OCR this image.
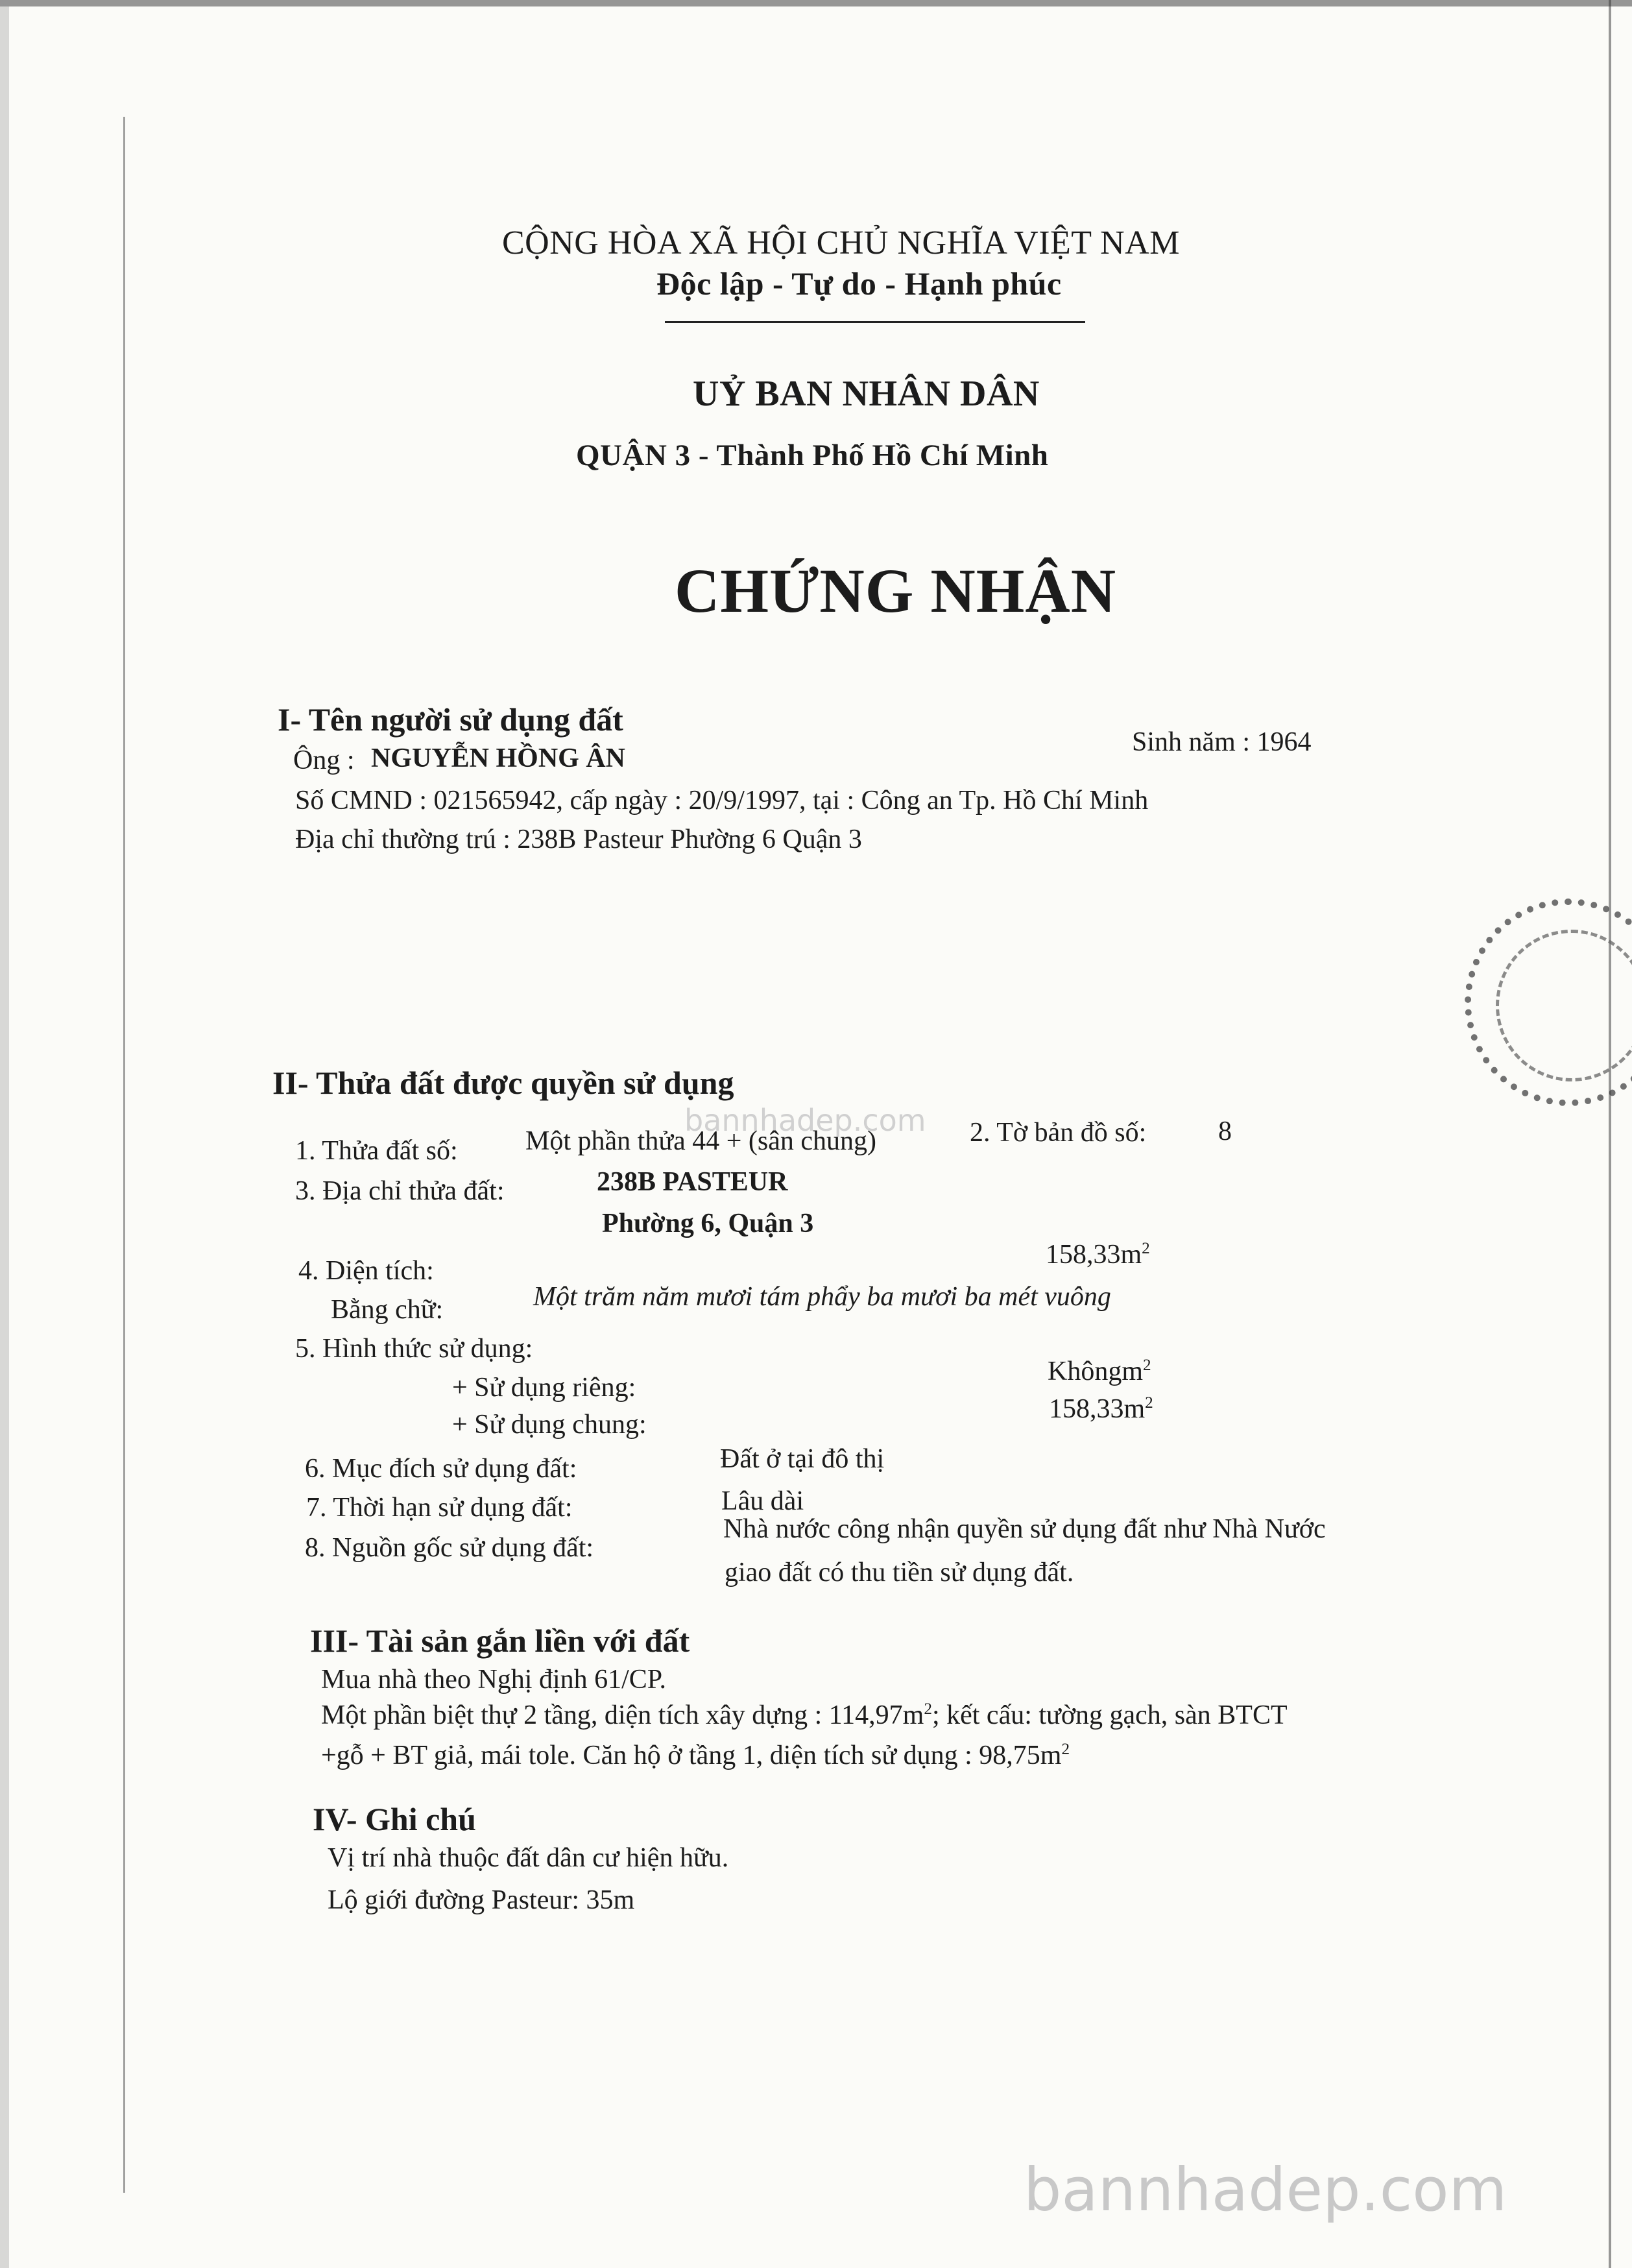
CỘNG HÒA XÃ HỘI CHỦ NGHĨA VIỆT NAM
Độc lập - Tự do - Hạnh phúc
UỶ BAN NHÂN DÂN
QUẬN 3 - Thành Phố Hồ Chí Minh
CHỨNG NHẬN
I- Tên người sử dụng đất
Ông : NGUYỄN HỒNG ÂN
Sinh năm : 1964
Số CMND : 021565942, cấp ngày : 20/9/1997, tại : Công an Tp. Hồ Chí Minh
Địa chỉ thường trú : 238B Pasteur Phường 6 Quận 3
II- Thửa đất được quyền sử dụng
bannhadep.com
1. Thửa đất số: Một phần thửa 44 + (sân chung)	2. Tờ bản đồ số:	8
3. Địa chỉ thửa đất:	238B PASTEUR
Phường 6, Quận 3
4. Diện tích:
$158,33m^2$
Bằng chữ:	Một trăm năm mươi tám phẩy ba mươi ba mét vuông
5. Hình thức sử dụng:
+ Sử dụng riêng:
Khôngm$^2$
+ Sử dụng chung:
$158,33m^2$
6. Mục đích sử dụng đất:	Đất ở tại đô thị
7. Thời hạn sử dụng đất:	Lâu dài
8. Nguồn gốc sử dụng đất:
Nhà nước công nhận quyền sử dụng đất như Nhà Nước
giao đất có thu tiền sử dụng đất.
III- Tài sản gắn liền với đất
Mua nhà theo Nghị định 61/CP.
Một phần biệt thự 2 tầng, diện tích xây dựng : $114,97m^2$; kết cấu: tường gạch, sàn BTCT
+gỗ + BT giả, mái tole. Căn hộ ở tầng 1, diện tích sử dụng : $98,75m^2$
IV- Ghi chú
Vị trí nhà thuộc đất dân cư hiện hữu.
Lộ giới đường Pasteur: 35m
bannhadep.com
